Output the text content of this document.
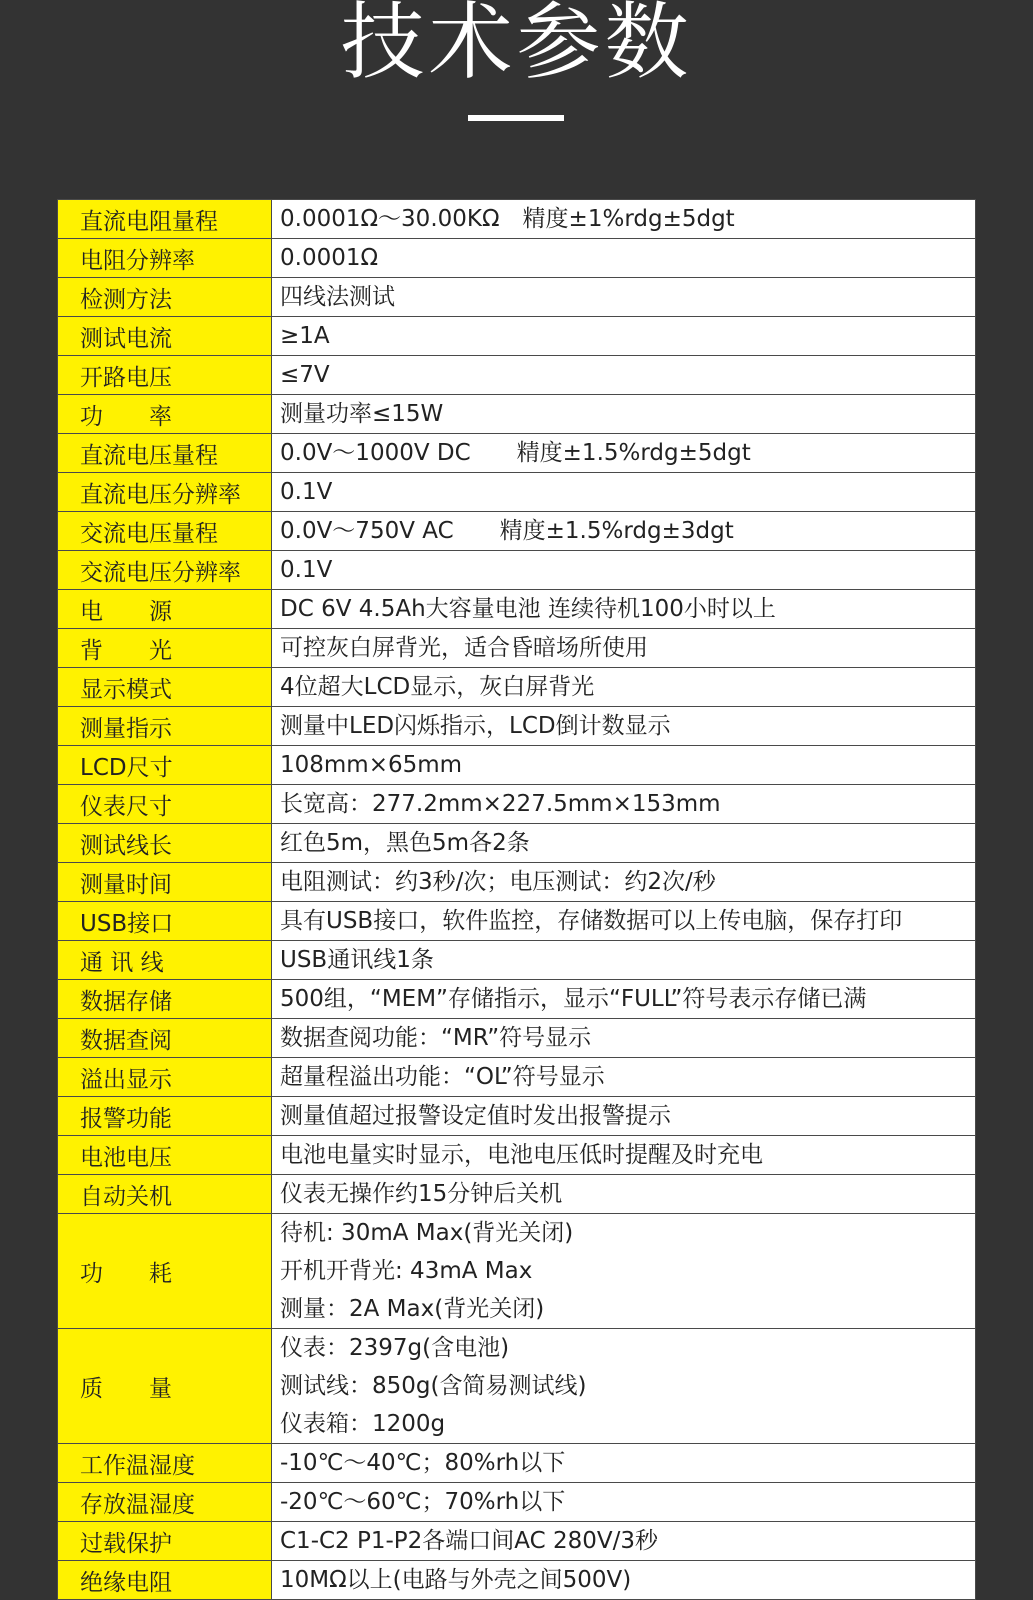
技术参数
直流电阻量程	0.0001Ω～30.00KΩ　精度±1%rdg±5dgt

电阻分辨率	0.0001Ω

检测方法	四线法测试

测试电流	≥1A

开路电压	≤7V

功　　率	测量功率≤15W

直流电压量程	0.0V～1000V DC　　精度±1.5%rdg±5dgt

直流电压分辨率	0.1V

交流电压量程	0.0V～750V AC　　精度±1.5%rdg±3dgt

交流电压分辨率	0.1V

电　　源	DC 6V 4.5Ah大容量电池 连续待机100小时以上

背　　光	可控灰白屏背光，适合昏暗场所使用

显示模式	4位超大LCD显示，灰白屏背光

测量指示	测量中LED闪烁指示，LCD倒计数显示

LCD尺寸	108mm×65mm

仪表尺寸	长宽高：277.2mm×227.5mm×153mm

测试线长	红色5m，黑色5m各2条

测量时间	电阻测试：约3秒/次；电压测试：约2次/秒

USB接口	具有USB接口，软件监控，存储数据可以上传电脑，保存打印

通 讯 线	USB通讯线1条

数据存储	500组，“MEM”存储指示，显示“FULL”符号表示存储已满

数据查阅	数据查阅功能：“MR”符号显示

溢出显示	超量程溢出功能：“OL”符号显示

报警功能	测量值超过报警设定值时发出报警提示

电池电压	电池电量实时显示，电池电压低时提醒及时充电

自动关机	仪表无操作约15分钟后关机

功　　耗	待机: 30mA Max(背光关闭)
开机开背光: 43mA Max
测量：2A Max(背光关闭)

质　　量	仪表：2397g(含电池)
测试线：850g(含简易测试线)
仪表箱：1200g

工作温湿度	-10℃～40℃；80%rh以下

存放温湿度	-20℃～60℃；70%rh以下

过载保护	C1-C2 P1-P2各端口间AC 280V/3秒

绝缘电阻	10MΩ以上(电路与外壳之间500V)
